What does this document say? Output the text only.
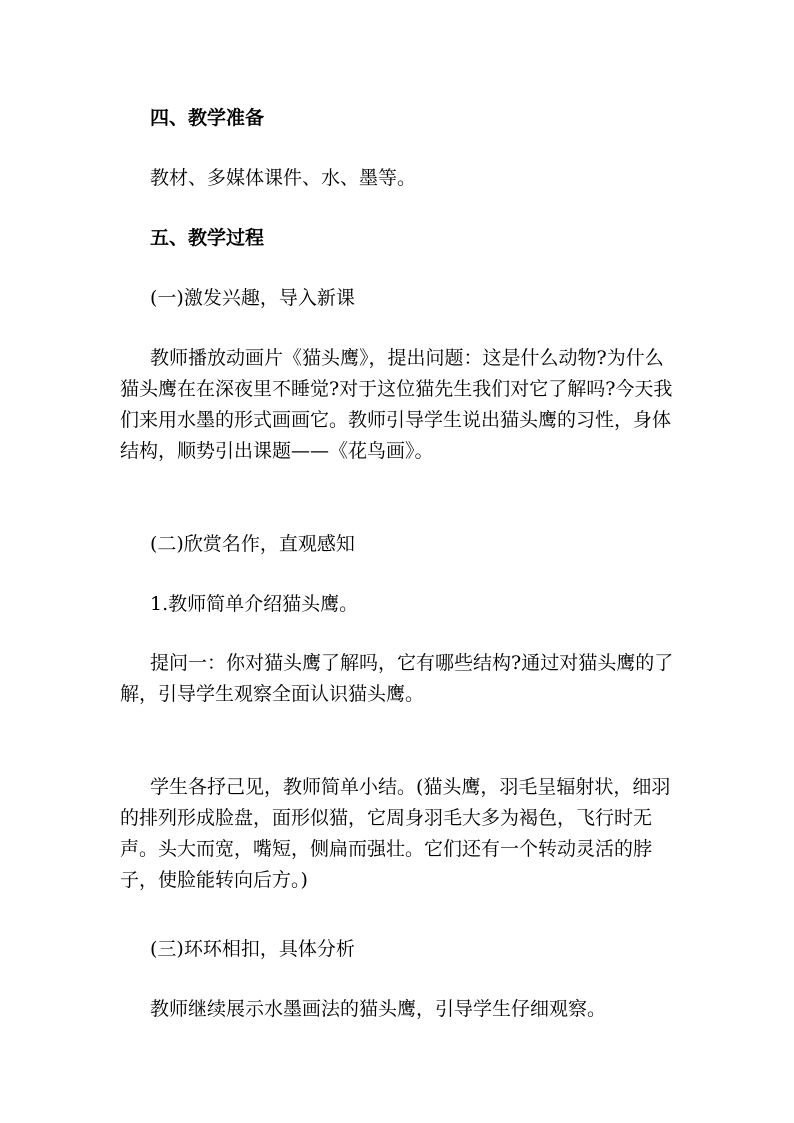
四、教学准备

教材、多媒体课件、水、墨等。

五、教学过程

(一)激发兴趣，导入新课

教师播放动画片《猫头鹰》，提出问题：这是什么动物?为什么猫头鹰在在深夜里不睡觉?对于这位猫先生我们对它了解吗?今天我们来用水墨的形式画画它。教师引导学生说出猫头鹰的习性，身体结构，顺势引出课题——《花鸟画》。

(二)欣赏名作，直观感知

1.教师简单介绍猫头鹰。

提问一：你对猫头鹰了解吗，它有哪些结构?通过对猫头鹰的了解，引导学生观察全面认识猫头鹰。

学生各抒己见，教师简单小结。(猫头鹰，羽毛呈辐射状，细羽的排列形成脸盘，面形似猫，它周身羽毛大多为褐色，飞行时无声。头大而宽，嘴短，侧扁而强壮。它们还有一个转动灵活的脖子，使脸能转向后方。)

(三)环环相扣，具体分析

教师继续展示水墨画法的猫头鹰，引导学生仔细观察。
